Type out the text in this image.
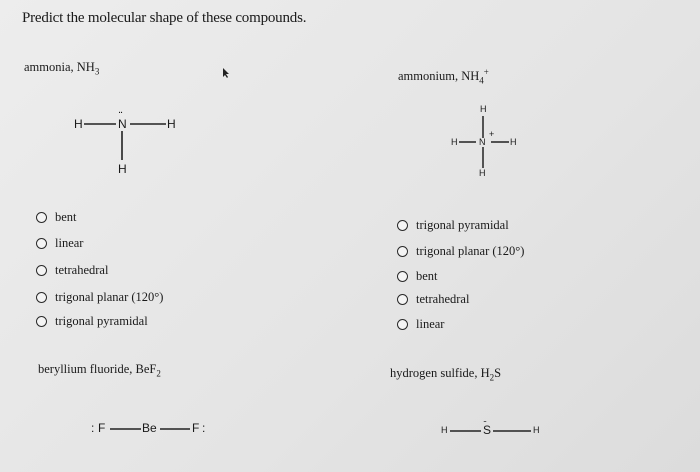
Predict the molecular shape of these compounds.
ammonia, $NH_3$
H
..
N	H
H
bent
linear
tetrahedral
trigonal planar (120°)
trigonal pyramidal
ammonium, $NH_4^+$
H
H N
+
H
H
trigonal pyramidal
trigonal planar (120°)
bent
tetrahedral
linear
beryllium fluoride, BeF$_2$
: F	Be	F :
hydrogen sulfide, $H_2S$
H
..
S	H
